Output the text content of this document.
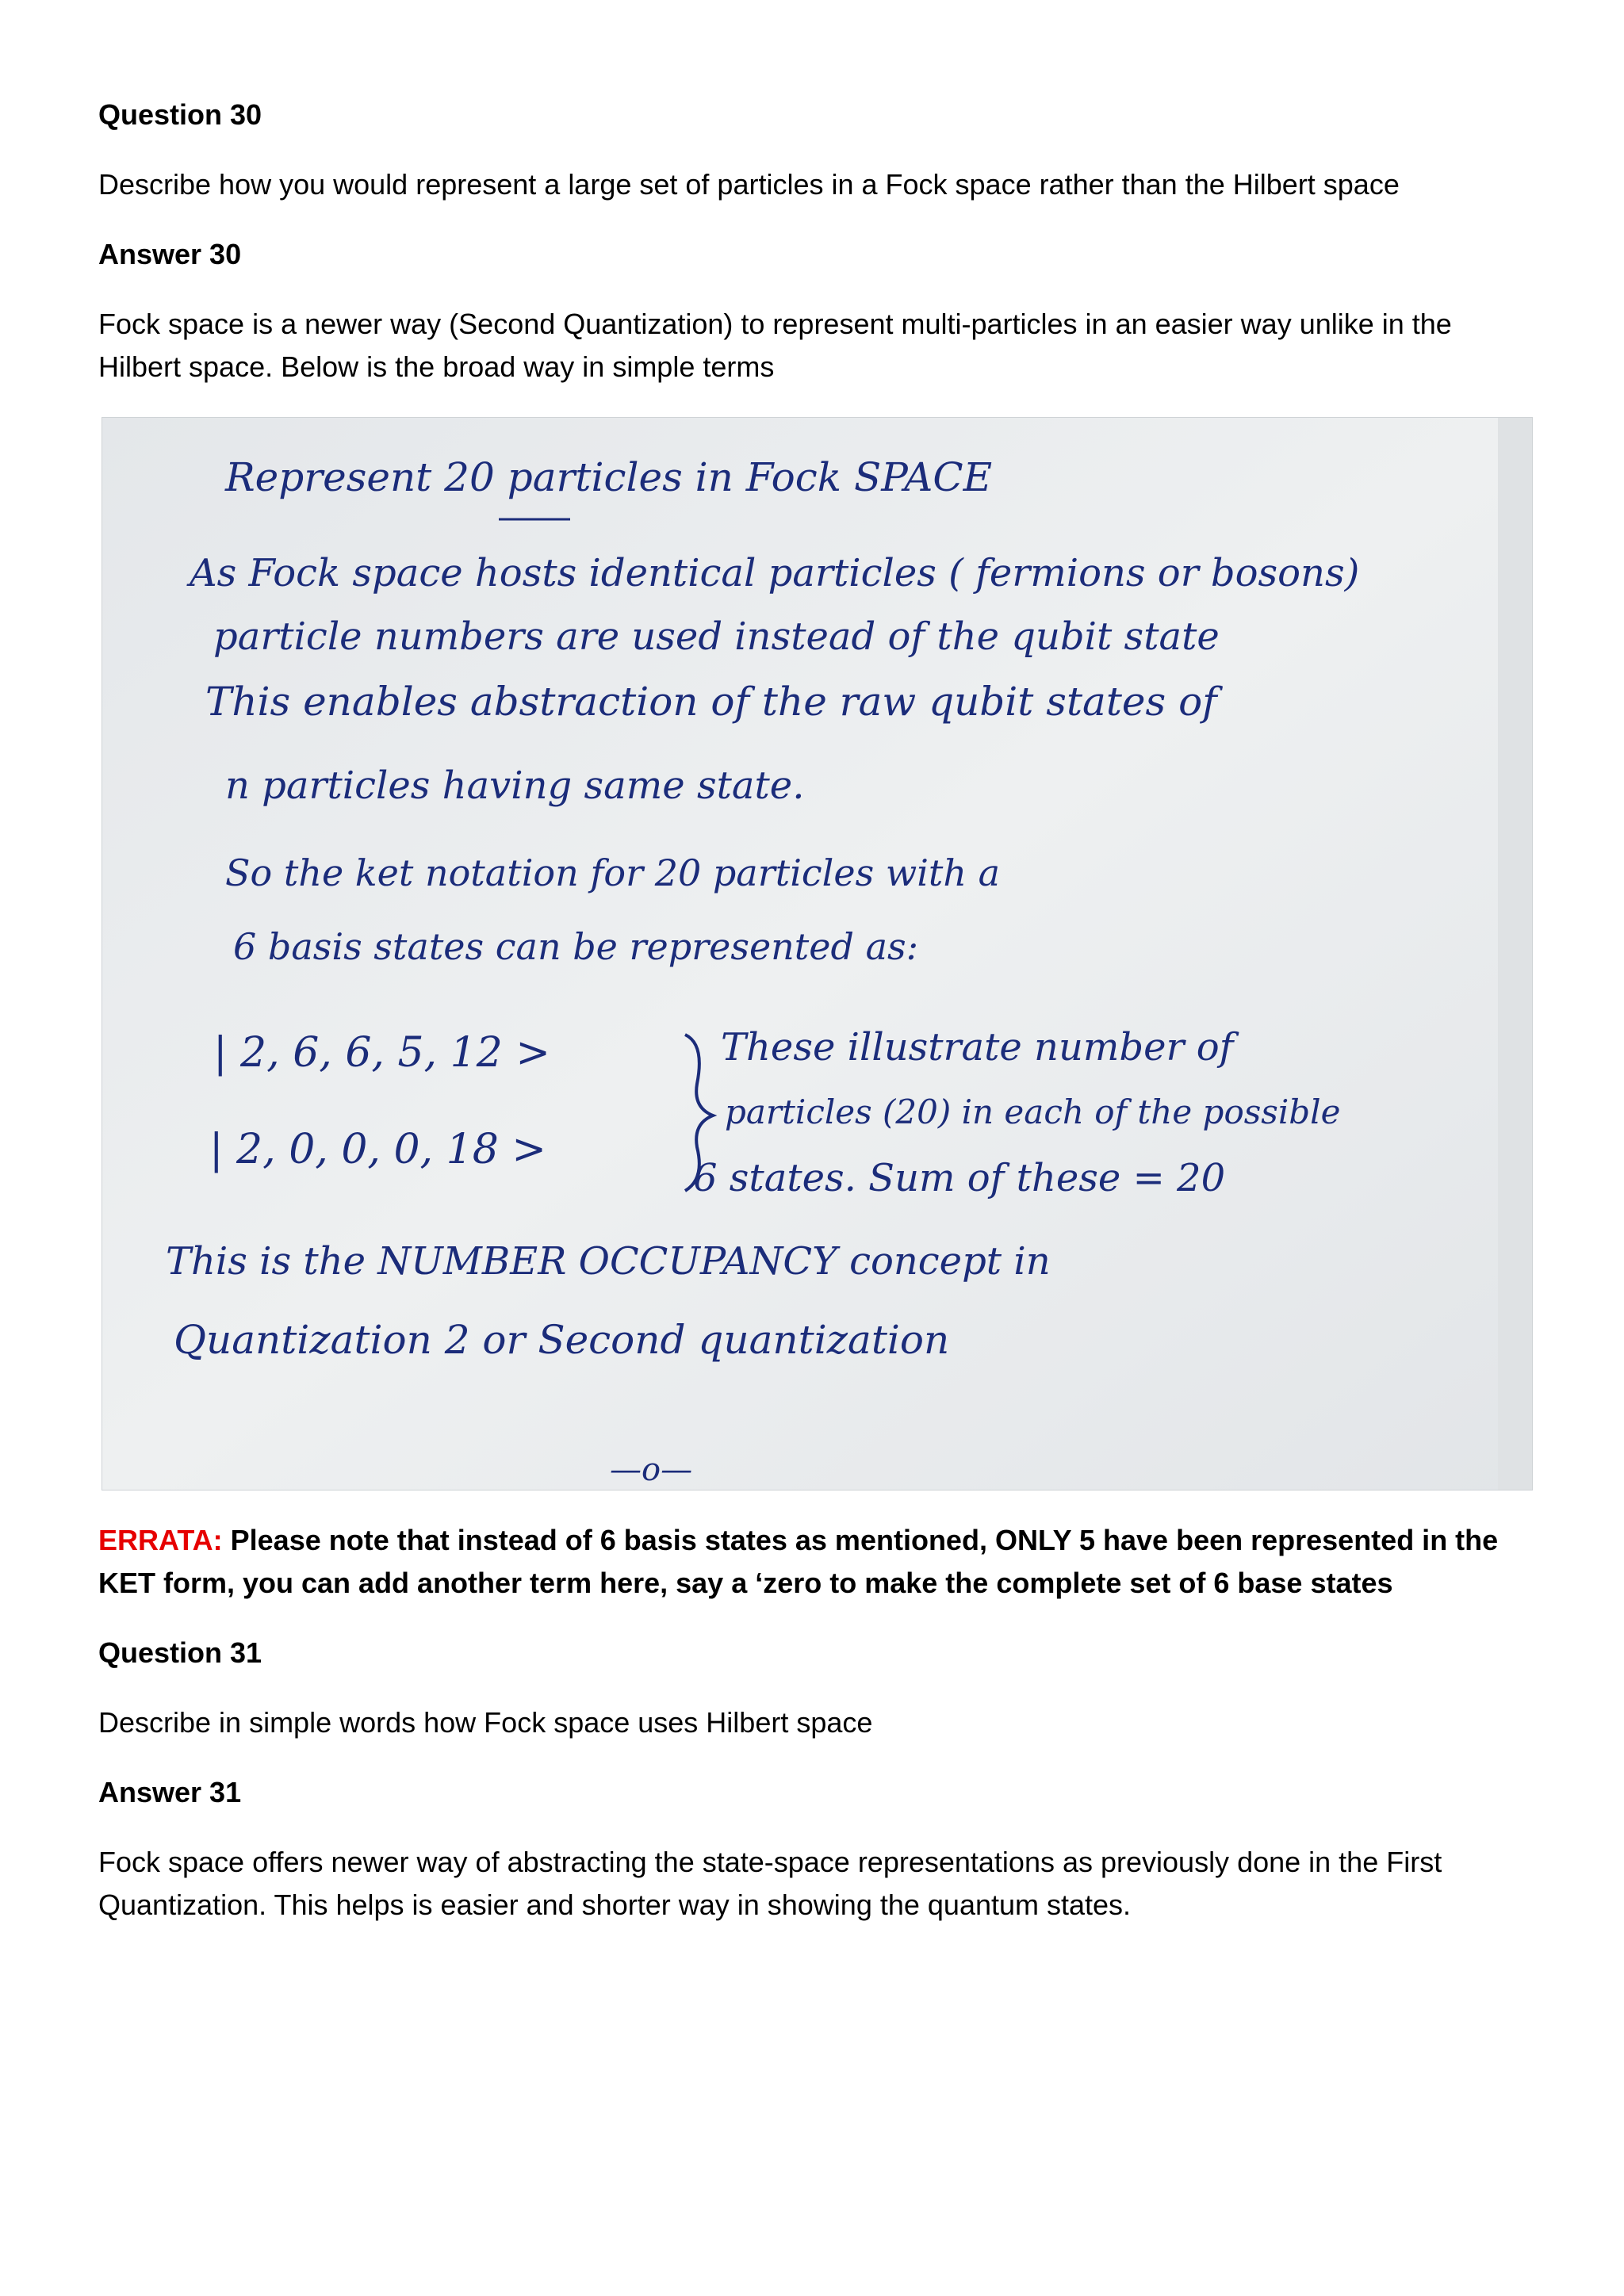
Question 30
Describe how you would represent a large set of particles in a Fock space rather than the Hilbert space
Answer 30
Fock space is a newer way (Second Quantization) to represent multi-particles in an easier way unlike in the Hilbert space. Below is the broad way in simple terms
Represent 20 particles in Fock SPACE
As Fock space hosts identical particles ( fermions or bosons)
particle numbers are used instead of the qubit state
This enables abstraction of the raw qubit states of
n particles having same state.
So the ket notation for 20 particles with a
6 basis states can be represented as:
| 2, 6, 6, 5, 12 >
| 2, 0, 0, 0, 18 >
These illustrate number of
particles (20) in each of the possible
6 states. Sum of these = 20
This is the NUMBER OCCUPANCY concept in
Quantization 2 or Second quantization
—o—
ERRATA: Please note that instead of 6 basis states as mentioned, ONLY 5 have been represented in the KET form, you can add another term here, say a ‘zero to make the complete set of 6 base states
Question 31
Describe in simple words how Fock space uses Hilbert space
Answer 31
Fock space offers newer way of abstracting the state-space representations as previously done in the First Quantization. This helps is easier and shorter way in showing the quantum states.
